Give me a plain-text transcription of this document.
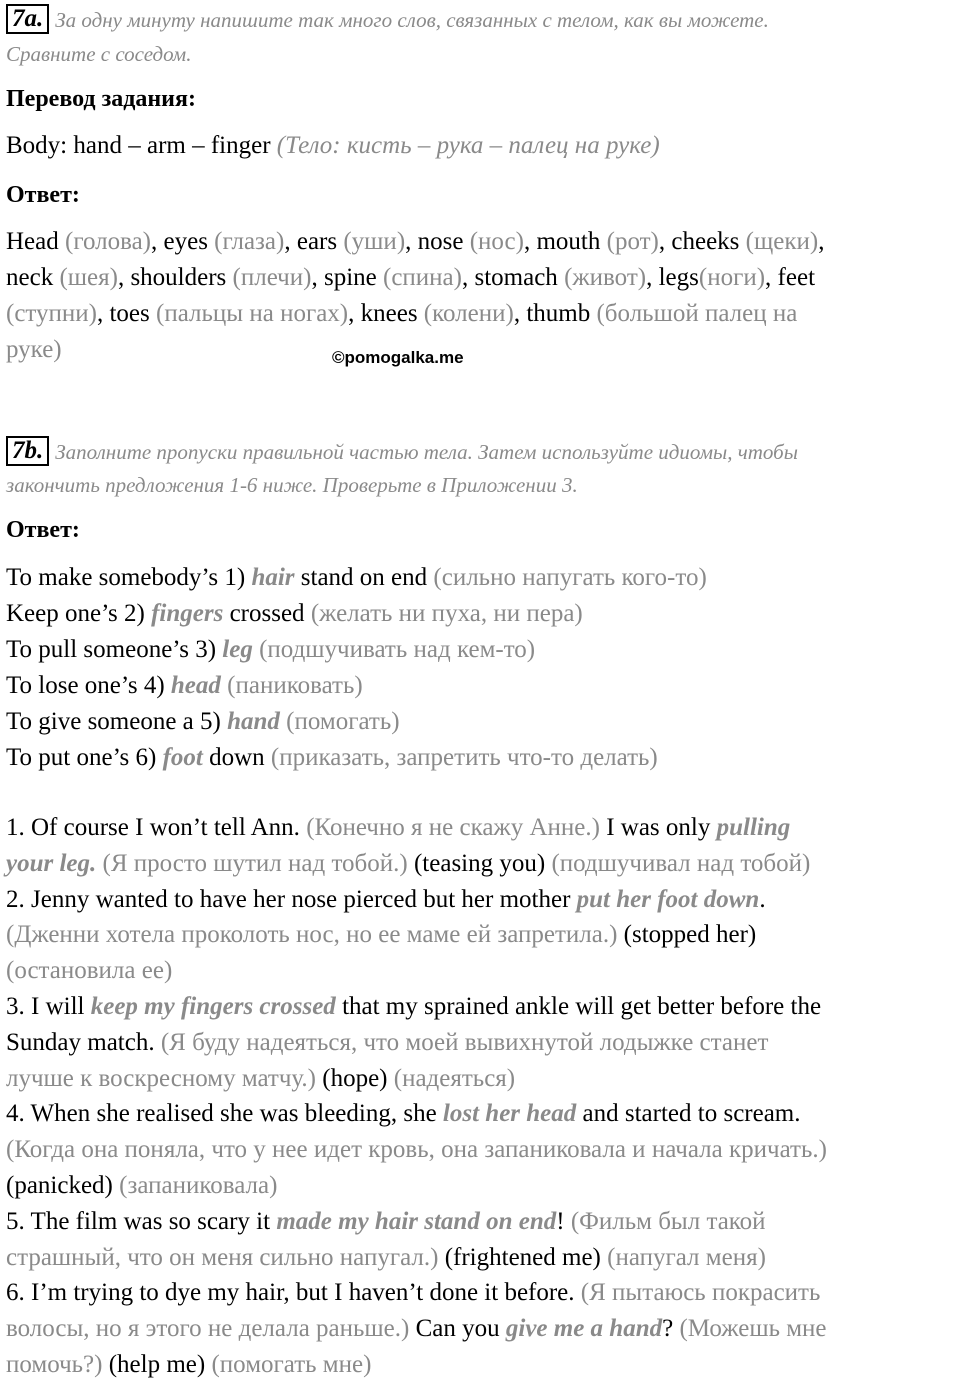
7a. За одну минуту напишите так много слов, связанных с телом, как вы можете.
Сравните с соседом.
Перевод задания:
Body: hand – arm – finger (Тело: кисть – рука – палец на руке)
Ответ:
Head (голова), eyes (глаза), ears (уши), nose (нос), mouth (рот), cheeks (щеки),
neck (шея), shoulders (плечи), spine (спина), stomach (живот), legs(ноги), feet
(ступни), toes (пальцы на ногах), knees (колени), thumb (большой палец на
руке)	©pomogalka.me
7b. Заполните пропуски правильной частью тела. Затем используйте идиомы, чтобы
закончить предложения 1-6 ниже. Проверьте в Приложении 3.
Ответ:
To make somebody’s 1) hair stand on end (сильно напугать кого-то)
Keep one’s 2) fingers crossed (желать ни пуха, ни пера)
To pull someone’s 3) leg (подшучивать над кем-то)
To lose one’s 4) head (паниковать)
To give someone a 5) hand (помогать)
To put one’s 6) foot down (приказать, запретить что-то делать)
1. Of course I won’t tell Ann. (Конечно я не скажу Анне.) I was only pulling
your leg. (Я просто шутил над тобой.) (teasing you) (подшучивал над тобой)
2. Jenny wanted to have her nose pierced but her mother put her foot down.
(Дженни хотела проколоть нос, но ее маме ей запретила.) (stopped her)
(остановила ее)
3. I will keep my fingers crossed that my sprained ankle will get better before the
Sunday match. (Я буду надеяться, что моей вывихнутой лодыжке станет
лучше к воскресному матчу.) (hope) (надеяться)
4. When she realised she was bleeding, she lost her head and started to scream.
(Когда она поняла, что у нее идет кровь, она запаниковала и начала кричать.)
(panicked) (запаниковала)
5. The film was so scary it made my hair stand on end! (Фильм был такой
страшный, что он меня сильно напугал.) (frightened me) (напугал меня)
6. I’m trying to dye my hair, but I haven’t done it before. (Я пытаюсь покрасить
волосы, но я этого не делала раньше.) Can you give me a hand? (Можешь мне
помочь?) (help me) (помогать мне)
